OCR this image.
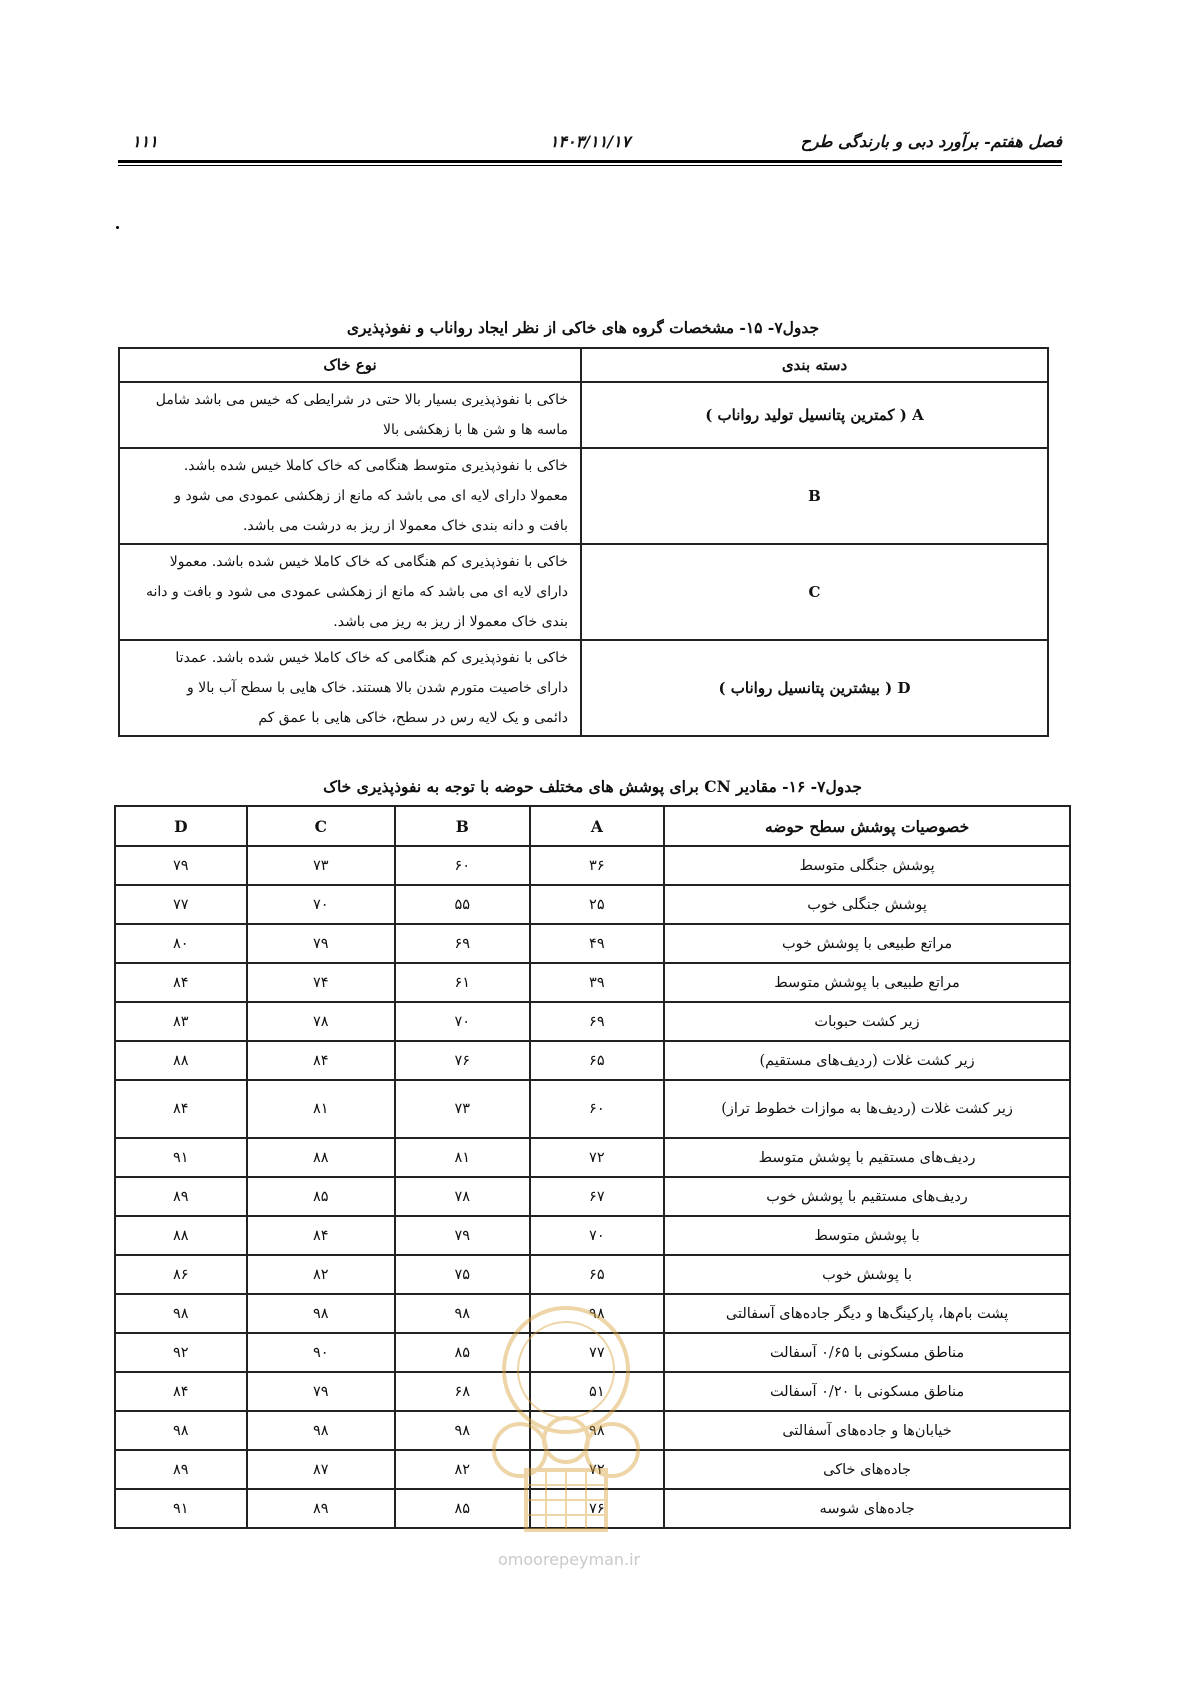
فصل هفتم- برآورد دبی و بارندگی طرح
۱۴۰۳/۱۱/۱۷
۱۱۱
جدول۷- ۱۵- مشخصات گروه های خاکی از نظر ایجاد رواناب و نفوذپذیری
دسته بندی	نوع خاک
A ( کمترین پتانسیل تولید رواناب )	خاکی با نفوذپذیری بسیار بالا حتی در شرایطی که خیس می باشد شامل
ماسه ها و شن ها با زهکشی بالا

B	خاکی با نفوذپذیری متوسط هنگامی که خاک کاملا خیس شده باشد.
معمولا دارای لایه ای می باشد که مانع از زهکشی عمودی می شود و
بافت و دانه بندی خاک معمولا از ریز به درشت می باشد.

C	خاکی با نفوذپذیری کم هنگامی که خاک کاملا خیس شده باشد. معمولا
دارای لایه ای می باشد که مانع از زهکشی عمودی می شود و بافت و دانه
بندی خاک معمولا از ریز به ریز می باشد.

D ( بیشترین پتانسیل رواناب )	خاکی با نفوذپذیری کم هنگامی که خاک کاملا خیس شده باشد. عمدتا
دارای خاصیت متورم شدن بالا هستند. خاک هایی با سطح آب بالا و
دائمی و یک لایه رس در سطح، خاکی هایی با عمق کم
جدول۷- ۱۶- مقادیر CN برای پوشش های مختلف حوضه با توجه به نفوذپذیری خاک
خصوصیات پوشش سطح حوضه	A	B	C	D
پوشش جنگلی متوسط	۳۶	۶۰	۷۳	۷۹
پوشش جنگلی خوب	۲۵	۵۵	۷۰	۷۷
مراتع طبیعی با پوشش خوب	۴۹	۶۹	۷۹	۸۰
مراتع طبیعی با پوشش متوسط	۳۹	۶۱	۷۴	۸۴
زیر کشت حبوبات	۶۹	۷۰	۷۸	۸۳
زیر کشت غلات (ردیف‌های مستقیم)	۶۵	۷۶	۸۴	۸۸
زیر کشت غلات (ردیف‌ها به موازات خطوط تراز)	۶۰	۷۳	۸۱	۸۴
ردیف‌های مستقیم با پوشش متوسط	۷۲	۸۱	۸۸	۹۱
ردیف‌های مستقیم با پوشش خوب	۶۷	۷۸	۸۵	۸۹
با پوشش متوسط	۷۰	۷۹	۸۴	۸۸
با پوشش خوب	۶۵	۷۵	۸۲	۸۶
پشت بام‌ها، پارکینگ‌ها و دیگر جاده‌های آسفالتی	۹۸	۹۸	۹۸	۹۸
مناطق مسکونی با ۰/۶۵ آسفالت	۷۷	۸۵	۹۰	۹۲
مناطق مسکونی با ۰/۲۰ آسفالت	۵۱	۶۸	۷۹	۸۴
خیابان‌ها و جاده‌های آسفالتی	۹۸	۹۸	۹۸	۹۸
جاده‌های خاکی	۷۲	۸۲	۸۷	۸۹
جاده‌های شوسه	۷۶	۸۵	۸۹	۹۱
omoorepeyman.ir
